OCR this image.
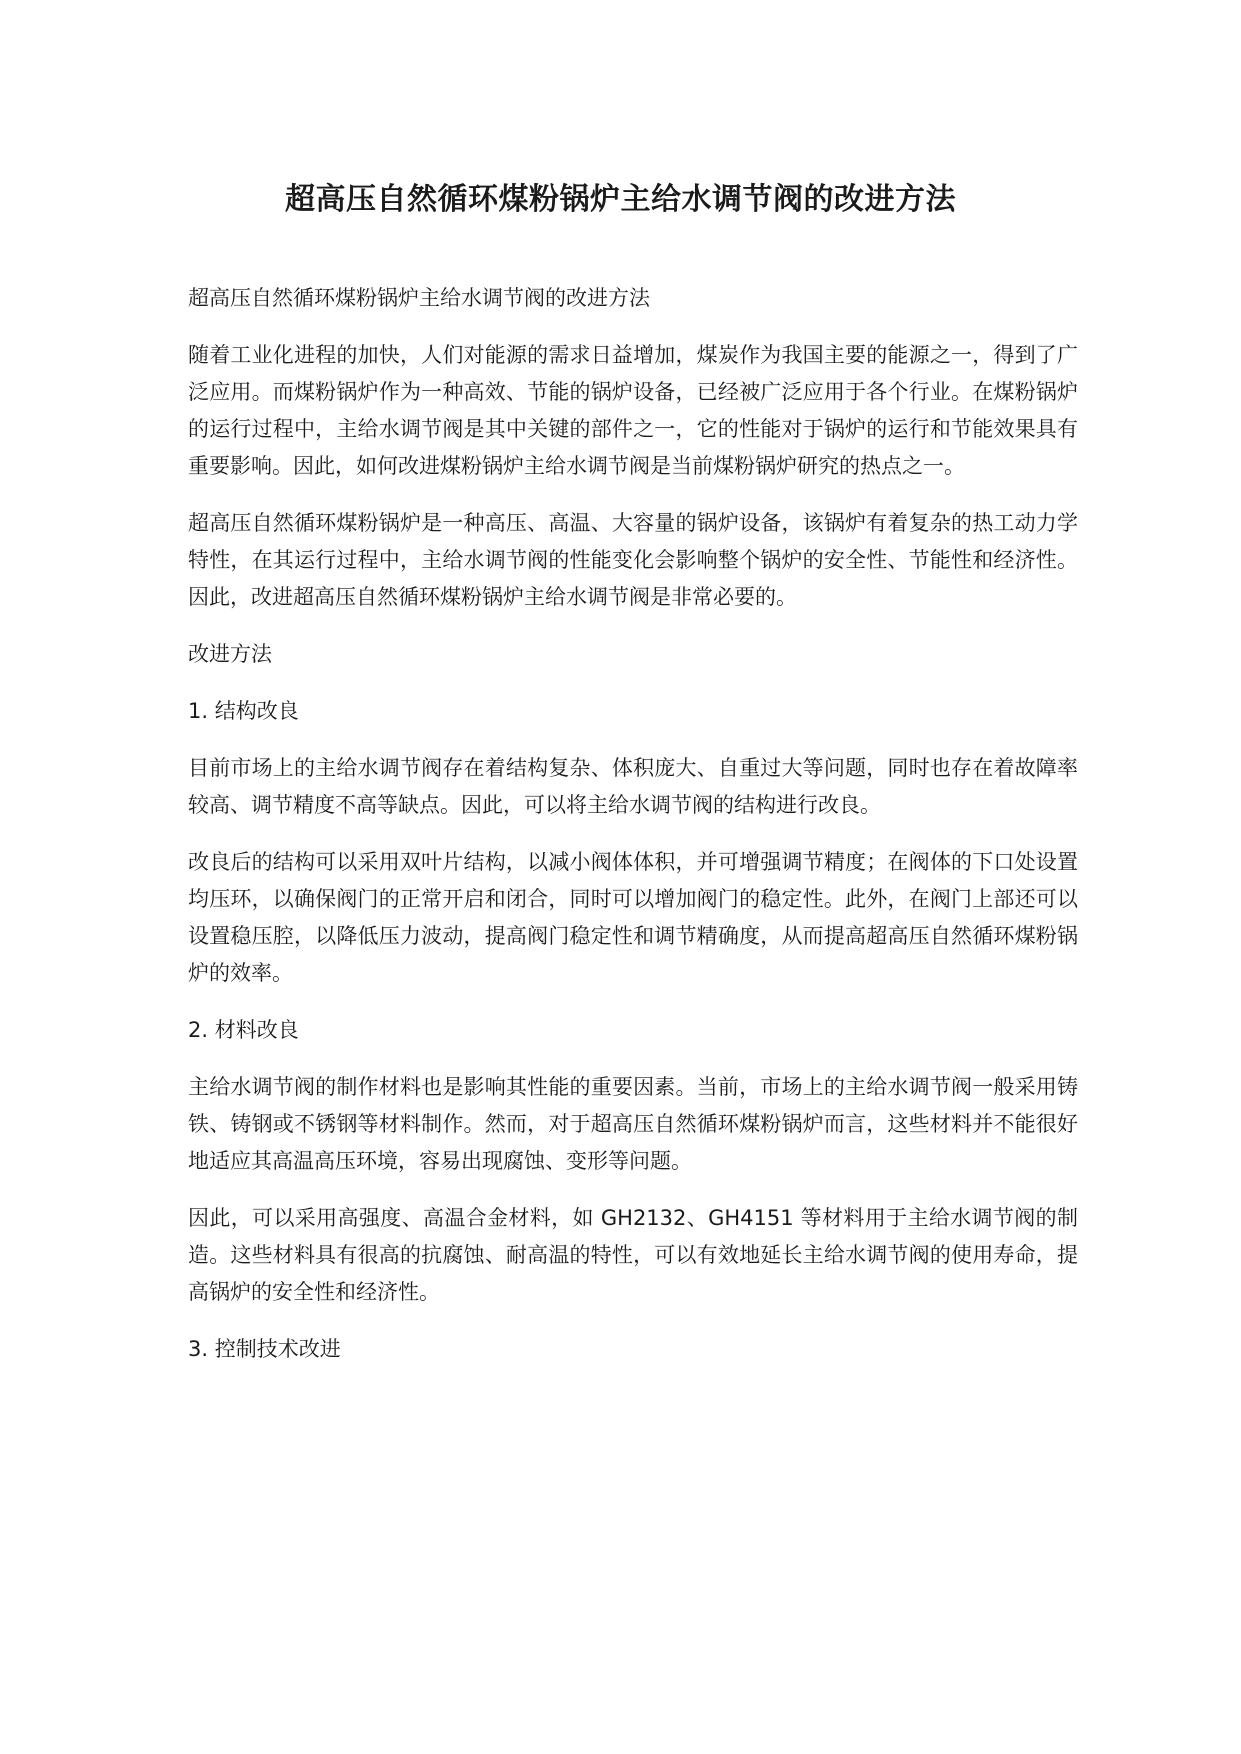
超高压自然循环煤粉锅炉主给水调节阀的改进方法

超高压自然循环煤粉锅炉主给水调节阀的改进方法

随着工业化进程的加快，人们对能源的需求日益增加，煤炭作为我国主要的能源之一，得到了广泛应用。而煤粉锅炉作为一种高效、节能的锅炉设备，已经被广泛应用于各个行业。在煤粉锅炉的运行过程中，主给水调节阀是其中关键的部件之一，它的性能对于锅炉的运行和节能效果具有重要影响。因此，如何改进煤粉锅炉主给水调节阀是当前煤粉锅炉研究的热点之一。

超高压自然循环煤粉锅炉是一种高压、高温、大容量的锅炉设备，该锅炉有着复杂的热工动力学特性，在其运行过程中，主给水调节阀的性能变化会影响整个锅炉的安全性、节能性和经济性。因此，改进超高压自然循环煤粉锅炉主给水调节阀是非常必要的。

改进方法

1. 结构改良

目前市场上的主给水调节阀存在着结构复杂、体积庞大、自重过大等问题，同时也存在着故障率较高、调节精度不高等缺点。因此，可以将主给水调节阀的结构进行改良。

改良后的结构可以采用双叶片结构，以减小阀体体积，并可增强调节精度；在阀体的下口处设置均压环，以确保阀门的正常开启和闭合，同时可以增加阀门的稳定性。此外，在阀门上部还可以设置稳压腔，以降低压力波动，提高阀门稳定性和调节精确度，从而提高超高压自然循环煤粉锅炉的效率。

2. 材料改良

主给水调节阀的制作材料也是影响其性能的重要因素。当前，市场上的主给水调节阀一般采用铸铁、铸钢或不锈钢等材料制作。然而，对于超高压自然循环煤粉锅炉而言，这些材料并不能很好地适应其高温高压环境，容易出现腐蚀、变形等问题。

因此，可以采用高强度、高温合金材料，如 GH2132、GH4151 等材料用于主给水调节阀的制造。这些材料具有很高的抗腐蚀、耐高温的特性，可以有效地延长主给水调节阀的使用寿命，提高锅炉的安全性和经济性。

3. 控制技术改进
